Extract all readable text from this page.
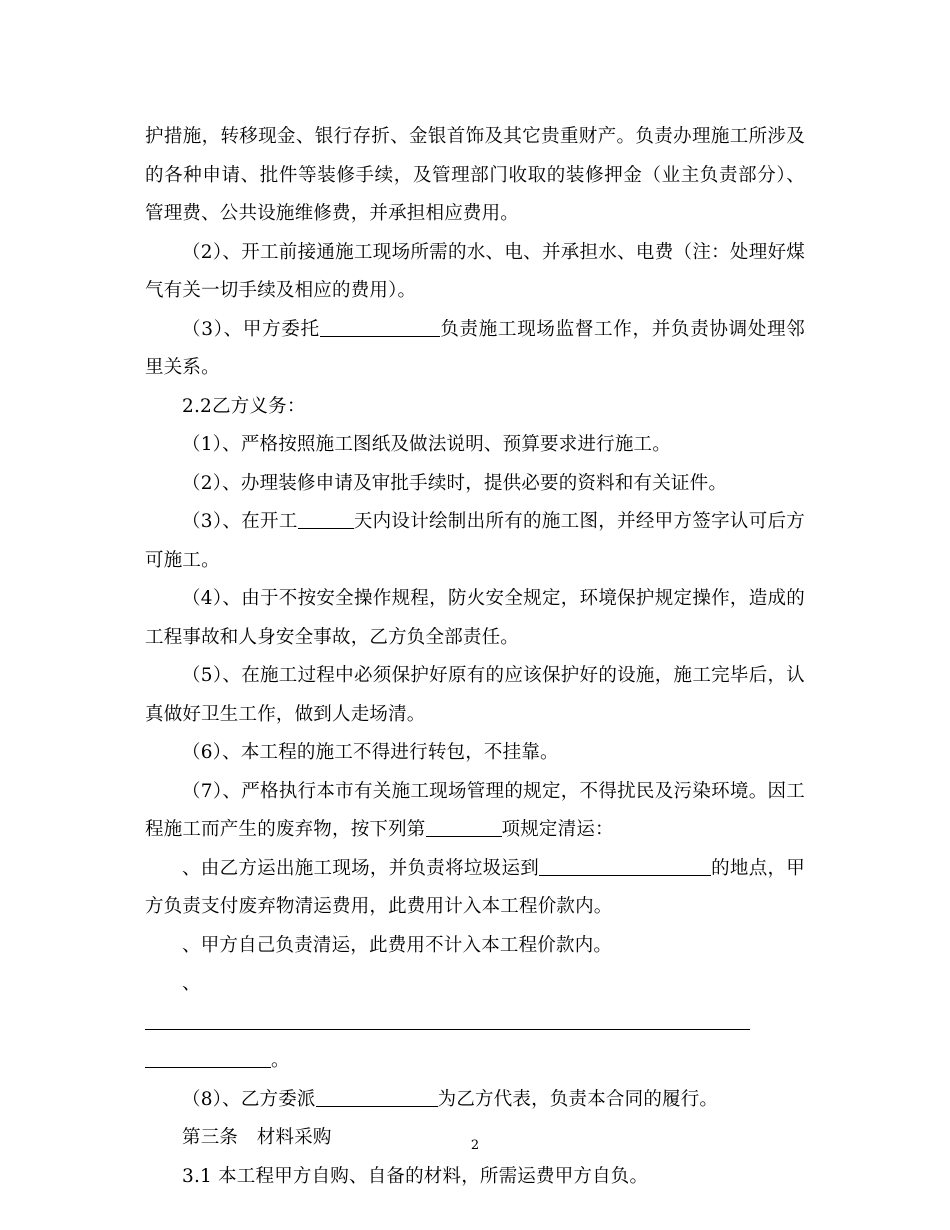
护措施，转移现金、银行存折、金银首饰及其它贵重财产。负责办理施工所涉及的各种申请、批件等装修手续，及管理部门收取的装修押金（业主负责部分）、管理费、公共设施维修费，并承担相应费用。

（2）、开工前接通施工现场所需的水、电、并承担水、电费（注：处理好煤气有关一切手续及相应的费用）。

（3）、甲方委托	负责施工现场监督工作，并负责协调处理邻里关系。

2.2乙方义务：

（1）、严格按照施工图纸及做法说明、预算要求进行施工。

（2）、办理装修申请及审批手续时，提供必要的资料和有关证件。

（3）、在开工	天内设计绘制出所有的施工图，并经甲方签字认可后方可施工。

（4）、由于不按安全操作规程，防火安全规定，环境保护规定操作，造成的工程事故和人身安全事故，乙方负全部责任。

（5）、在施工过程中必须保护好原有的应该保护好的设施，施工完毕后，认真做好卫生工作，做到人走场清。

（6）、本工程的施工不得进行转包，不挂靠。

（7）、严格执行本市有关施工现场管理的规定，不得扰民及污染环境。因工程施工而产生的废弃物，按下列第	项规定清运：

、由乙方运出施工现场，并负责将垃圾运到	的地点，甲方负责支付废弃物清运费用，此费用计入本工程价款内。

、甲方自己负责清运，此费用不计入本工程价款内。

、。

（8）、乙方委派	为乙方代表，负责本合同的履行。

第三条　材料采购

3.1 本工程甲方自购、自备的材料，所需运费甲方自负。

2
